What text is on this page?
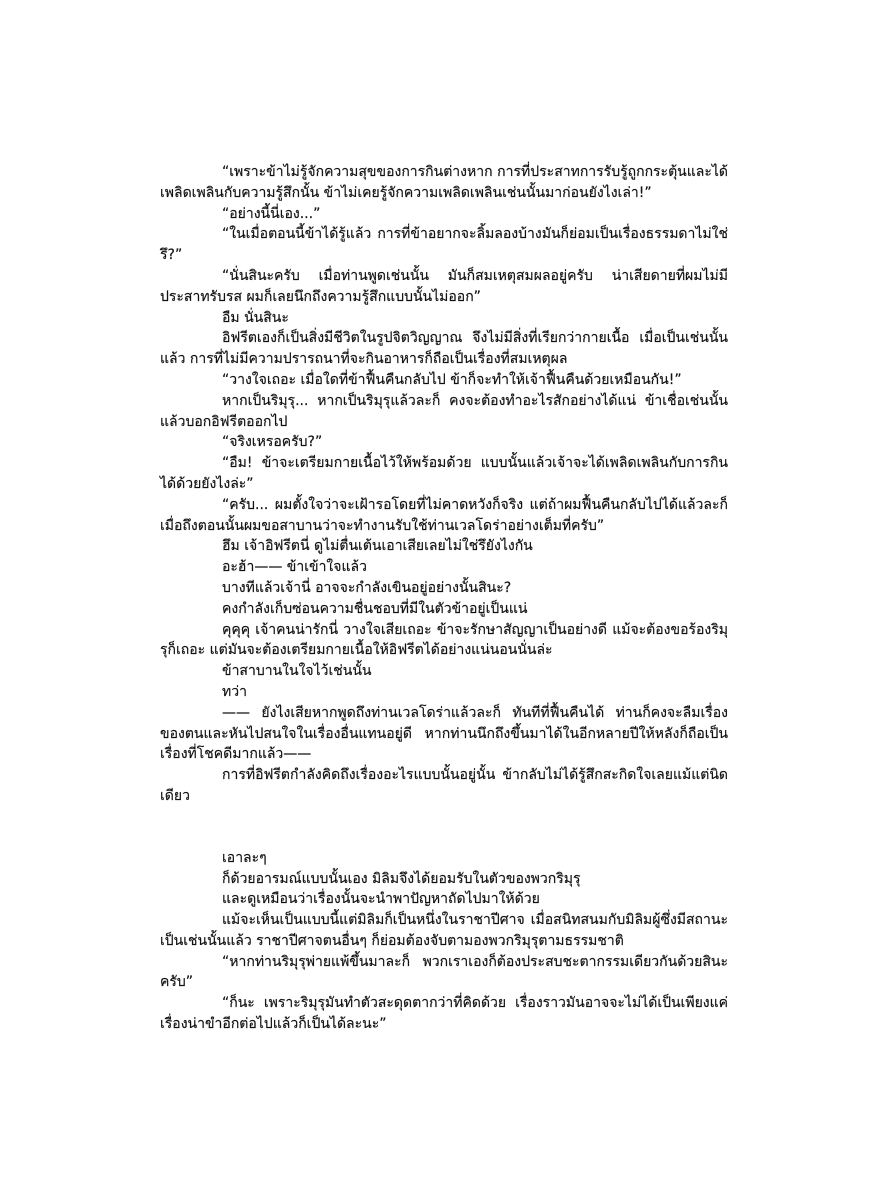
“เพราะข้าไม่รู้จักความสุขของการกินต่างหาก การที่ประสาทการรับรู้ถูกกระตุ้นและได้เพลิดเพลินกับความรู้สึกนั้น ข้าไม่เคยรู้จักความเพลิดเพลินเช่นนั้นมาก่อนยังไงเล่า!”

“อย่างนี้นี่เอง...”

“ในเมื่อตอนนี้ข้าได้รู้แล้ว การที่ข้าอยากจะลิ้มลองบ้างมันก็ย่อมเป็นเรื่องธรรมดาไม่ใช่รึ?”

“นั่นสินะครับ เมื่อท่านพูดเช่นนั้น มันก็สมเหตุสมผลอยู่ครับ น่าเสียดายที่ผมไม่มีประสาทรับรส ผมก็เลยนึกถึงความรู้สึกแบบนั้นไม่ออก”

อืม นั่นสินะ

อิฟรีตเองก็เป็นสิ่งมีชีวิตในรูปจิตวิญญาณ จึงไม่มีสิ่งที่เรียกว่ากายเนื้อ เมื่อเป็นเช่นนั้นแล้ว การที่ไม่มีความปรารถนาที่จะกินอาหารก็ถือเป็นเรื่องที่สมเหตุผล

“วางใจเถอะ เมื่อใดที่ข้าฟื้นคืนกลับไป ข้าก็จะทำให้เจ้าฟื้นคืนด้วยเหมือนกัน!”

หากเป็นริมุรุ... หากเป็นริมุรุแล้วละก็ คงจะต้องทำอะไรสักอย่างได้แน่ ข้าเชื่อเช่นนั้น แล้วบอกอิฟรีตออกไป

“จริงเหรอครับ?”

“อืม! ข้าจะเตรียมกายเนื้อไว้ให้พร้อมด้วย แบบนั้นแล้วเจ้าจะได้เพลิดเพลินกับการกินได้ด้วยยังไงล่ะ”

“ครับ... ผมตั้งใจว่าจะเฝ้ารอโดยที่ไม่คาดหวังก็จริง แต่ถ้าผมฟื้นคืนกลับไปได้แล้วละก็ เมื่อถึงตอนนั้นผมขอสาบานว่าจะทำงานรับใช้ท่านเวลโดร่าอย่างเต็มที่ครับ”

ฮึม เจ้าอิฟรีตนี่ ดูไม่ตื่นเต้นเอาเสียเลยไม่ใช่รึยังไงกัน

อะฮ้า—— ข้าเข้าใจแล้ว

บางทีแล้วเจ้านี่ อาจจะกำลังเขินอยู่อย่างนั้นสินะ?

คงกำลังเก็บซ่อนความชื่นชอบที่มีในตัวข้าอยู่เป็นแน่

คุคุคุ เจ้าคนน่ารักนี่ วางใจเสียเถอะ ข้าจะรักษาสัญญาเป็นอย่างดี แม้จะต้องขอร้องริมุรุก็เถอะ แต่มันจะต้องเตรียมกายเนื้อให้อิฟรีตได้อย่างแน่นอนนั่นล่ะ

ข้าสาบานในใจไว้เช่นนั้น

ทว่า

—— ยังไงเสียหากพูดถึงท่านเวลโดร่าแล้วละก็ ทันทีที่ฟื้นคืนได้ ท่านก็คงจะลืมเรื่องของตนและหันไปสนใจในเรื่องอื่นแทนอยู่ดี หากท่านนึกถึงขึ้นมาได้ในอีกหลายปีให้หลังก็ถือเป็นเรื่องที่โชคดีมากแล้ว——

การที่อิฟรีตกำลังคิดถึงเรื่องอะไรแบบนั้นอยู่นั้น ข้ากลับไม่ได้รู้สึกสะกิดใจเลยแม้แต่นิดเดียว

เอาละๆ

ก็ด้วยอารมณ์แบบนั้นเอง มิลิมจึงได้ยอมรับในตัวของพวกริมุรุ

และดูเหมือนว่าเรื่องนั้นจะนำพาปัญหาถัดไปมาให้ด้วย

แม้จะเห็นเป็นแบบนี้แต่มิลิมก็เป็นหนึ่งในราชาปีศาจ เมื่อสนิทสนมกับมิลิมผู้ซึ่งมีสถานะเป็นเช่นนั้นแล้ว ราชาปีศาจตนอื่นๆ ก็ย่อมต้องจับตามองพวกริมุรุตามธรรมชาติ

“หากท่านริมุรุพ่ายแพ้ขึ้นมาละก็ พวกเราเองก็ต้องประสบชะตากรรมเดียวกันด้วยสินะครับ”

“ก็นะ เพราะริมุรุมันทำตัวสะดุดตากว่าที่คิดด้วย เรื่องราวมันอาจจะไม่ได้เป็นเพียงแค่เรื่องน่าขำอีกต่อไปแล้วก็เป็นได้ละนะ”
